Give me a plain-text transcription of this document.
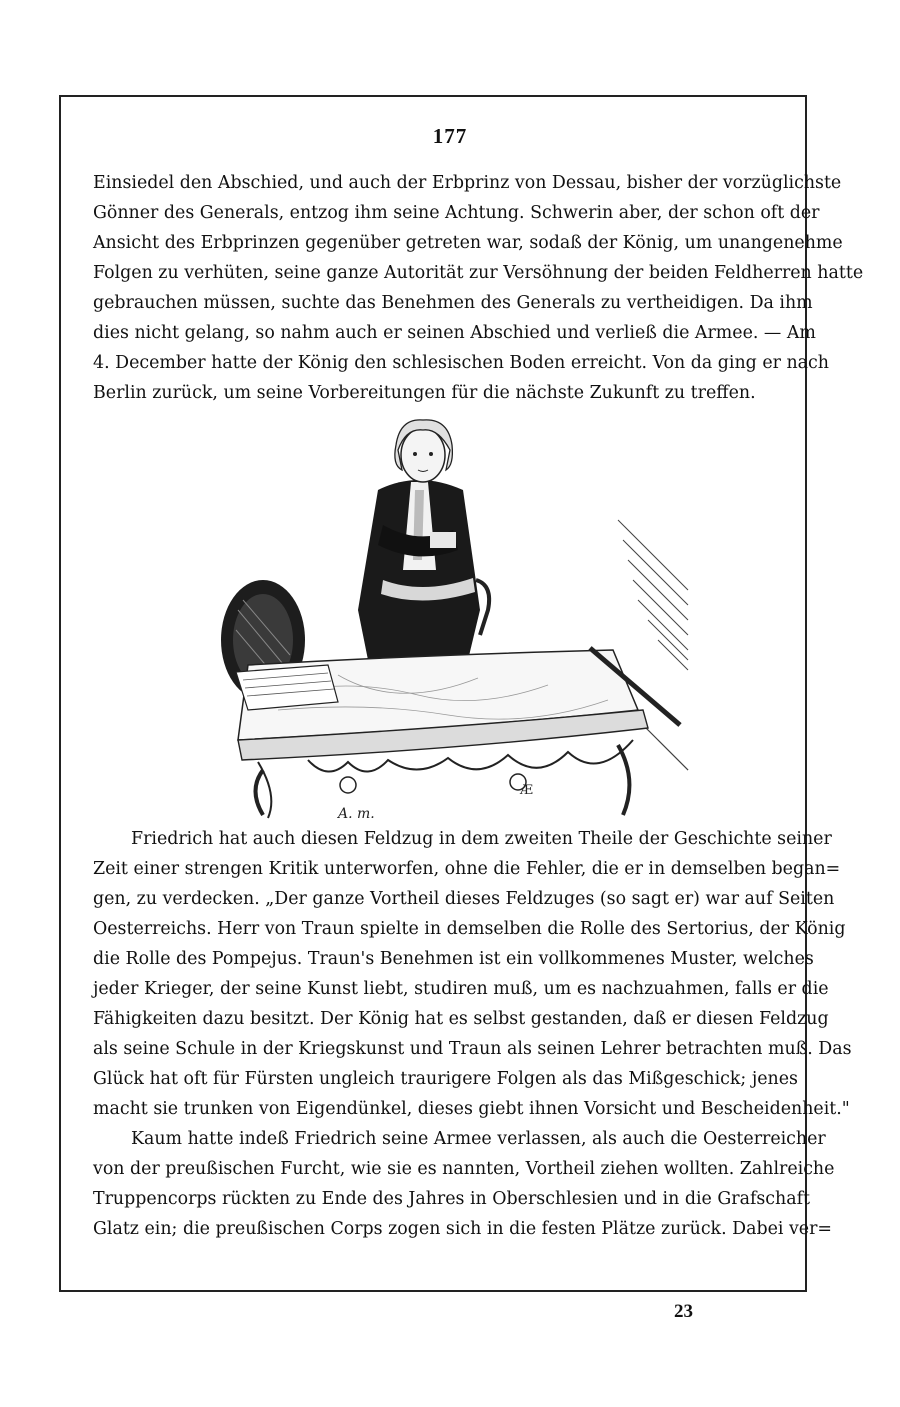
177
Einsiedel den Abschied, und auch der Erbprinz von Dessau, bisher der vorzüglichste
Gönner des Generals, entzog ihm seine Achtung. Schwerin aber, der schon oft der
Ansicht des Erbprinzen gegenüber getreten war, sodaß der König, um unangenehme
Folgen zu verhüten, seine ganze Autorität zur Versöhnung der beiden Feldherren hatte
gebrauchen müssen, suchte das Benehmen des Generals zu vertheidigen. Da ihm
dies nicht gelang, so nahm auch er seinen Abschied und verließ die Armee. — Am
4. December hatte der König den schlesischen Boden erreicht. Von da ging er nach
Berlin zurück, um seine Vorbereitungen für die nächste Zukunft zu treffen.
A. m.
Æ
Friedrich hat auch diesen Feldzug in dem zweiten Theile der Geschichte seiner
Zeit einer strengen Kritik unterworfen, ohne die Fehler, die er in demselben began=
gen, zu verdecken. „Der ganze Vortheil dieses Feldzuges (so sagt er) war auf Seiten
Oesterreichs. Herr von Traun spielte in demselben die Rolle des Sertorius, der König
die Rolle des Pompejus. Traun's Benehmen ist ein vollkommenes Muster, welches
jeder Krieger, der seine Kunst liebt, studiren muß, um es nachzuahmen, falls er die
Fähigkeiten dazu besitzt. Der König hat es selbst gestanden, daß er diesen Feldzug
als seine Schule in der Kriegskunst und Traun als seinen Lehrer betrachten muß. Das
Glück hat oft für Fürsten ungleich traurigere Folgen als das Mißgeschick; jenes
macht sie trunken von Eigendünkel, dieses giebt ihnen Vorsicht und Bescheidenheit."
Kaum hatte indeß Friedrich seine Armee verlassen, als auch die Oesterreicher
von der preußischen Furcht, wie sie es nannten, Vortheil ziehen wollten. Zahlreiche
Truppencorps rückten zu Ende des Jahres in Oberschlesien und in die Grafschaft
Glatz ein; die preußischen Corps zogen sich in die festen Plätze zurück. Dabei ver=
23
